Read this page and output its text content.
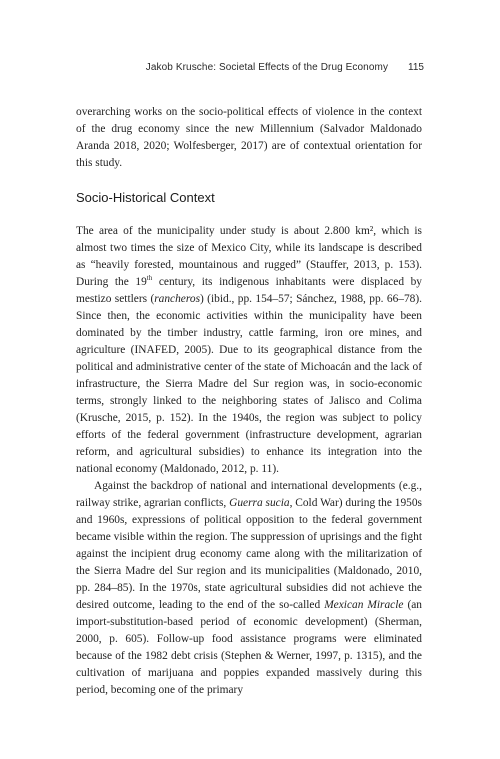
Jakob Krusche: Societal Effects of the Drug Economy 115

overarching works on the socio-political effects of violence in the context of the drug economy since the new Millennium (Salvador Maldonado Aranda 2018, 2020; Wolfesberger, 2017) are of contextual orientation for this study.

Socio-Historical Context

The area of the municipality under study is about 2.800 km², which is almost two times the size of Mexico City, while its landscape is described as “heavily forested, mountainous and rugged” (Stauffer, 2013, p. 153). During the 19th century, its indigenous inhabitants were displaced by mestizo settlers (rancheros) (ibid., pp. 154–57; Sánchez, 1988, pp. 66–78). Since then, the economic activities within the municipality have been dominated by the timber industry, cattle farming, iron ore mines, and agriculture (INAFED, 2005). Due to its geographical distance from the political and administrative center of the state of Michoacán and the lack of infrastructure, the Sierra Madre del Sur region was, in socio-economic terms, strongly linked to the neighboring states of Jalisco and Colima (Krusche, 2015, p. 152). In the 1940s, the region was subject to policy efforts of the federal government (infrastructure development, agrarian reform, and agricultural subsidies) to enhance its integration into the national economy (Maldonado, 2012, p. 11).

Against the backdrop of national and international developments (e.g., railway strike, agrarian conflicts, Guerra sucia, Cold War) during the 1950s and 1960s, expressions of political opposition to the federal government became visible within the region. The suppression of uprisings and the fight against the incipient drug economy came along with the militarization of the Sierra Madre del Sur region and its municipalities (Maldonado, 2010, pp. 284–85). In the 1970s, state agricultural subsidies did not achieve the desired outcome, leading to the end of the so-called Mexican Miracle (an import-substitution-based period of economic development) (Sherman, 2000, p. 605). Follow-up food assistance programs were eliminated because of the 1982 debt crisis (Stephen & Werner, 1997, p. 1315), and the cultivation of marijuana and poppies expanded massively during this period, becoming one of the primary
